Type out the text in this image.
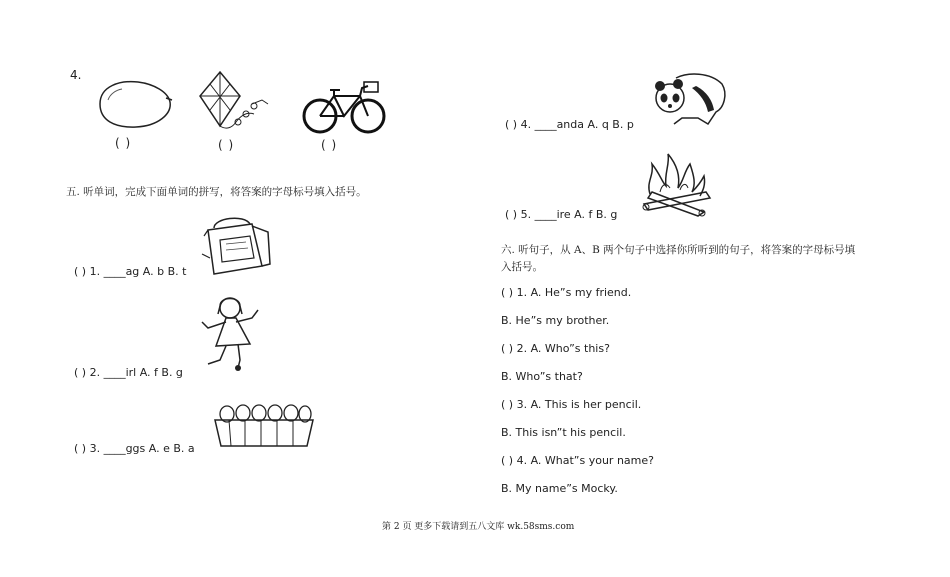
4.
( )	( )	( )
五. 听单词，完成下面单词的拼写，将答案的字母标号填入括号。
( ) 1. ____ag A. b B. t
( ) 2. ____irl A. f B. g
( ) 3. ____ggs A. e B. a
( ) 4. ____anda A. q B. p
( ) 5. ____ire A. f B. g
六. 听句子，从 A、B 两个句子中选择你所听到的句子，将答案的字母标号填
入括号。
( ) 1. A. He”s my friend.
B. He”s my brother.
( ) 2. A. Who”s this?
B. Who”s that?
( ) 3. A. This is her pencil.
B. This isn”t his pencil.
( ) 4. A. What”s your name?
B. My name”s Mocky.
第 2 页 更多下载请到五八文库 wk.58sms.com
